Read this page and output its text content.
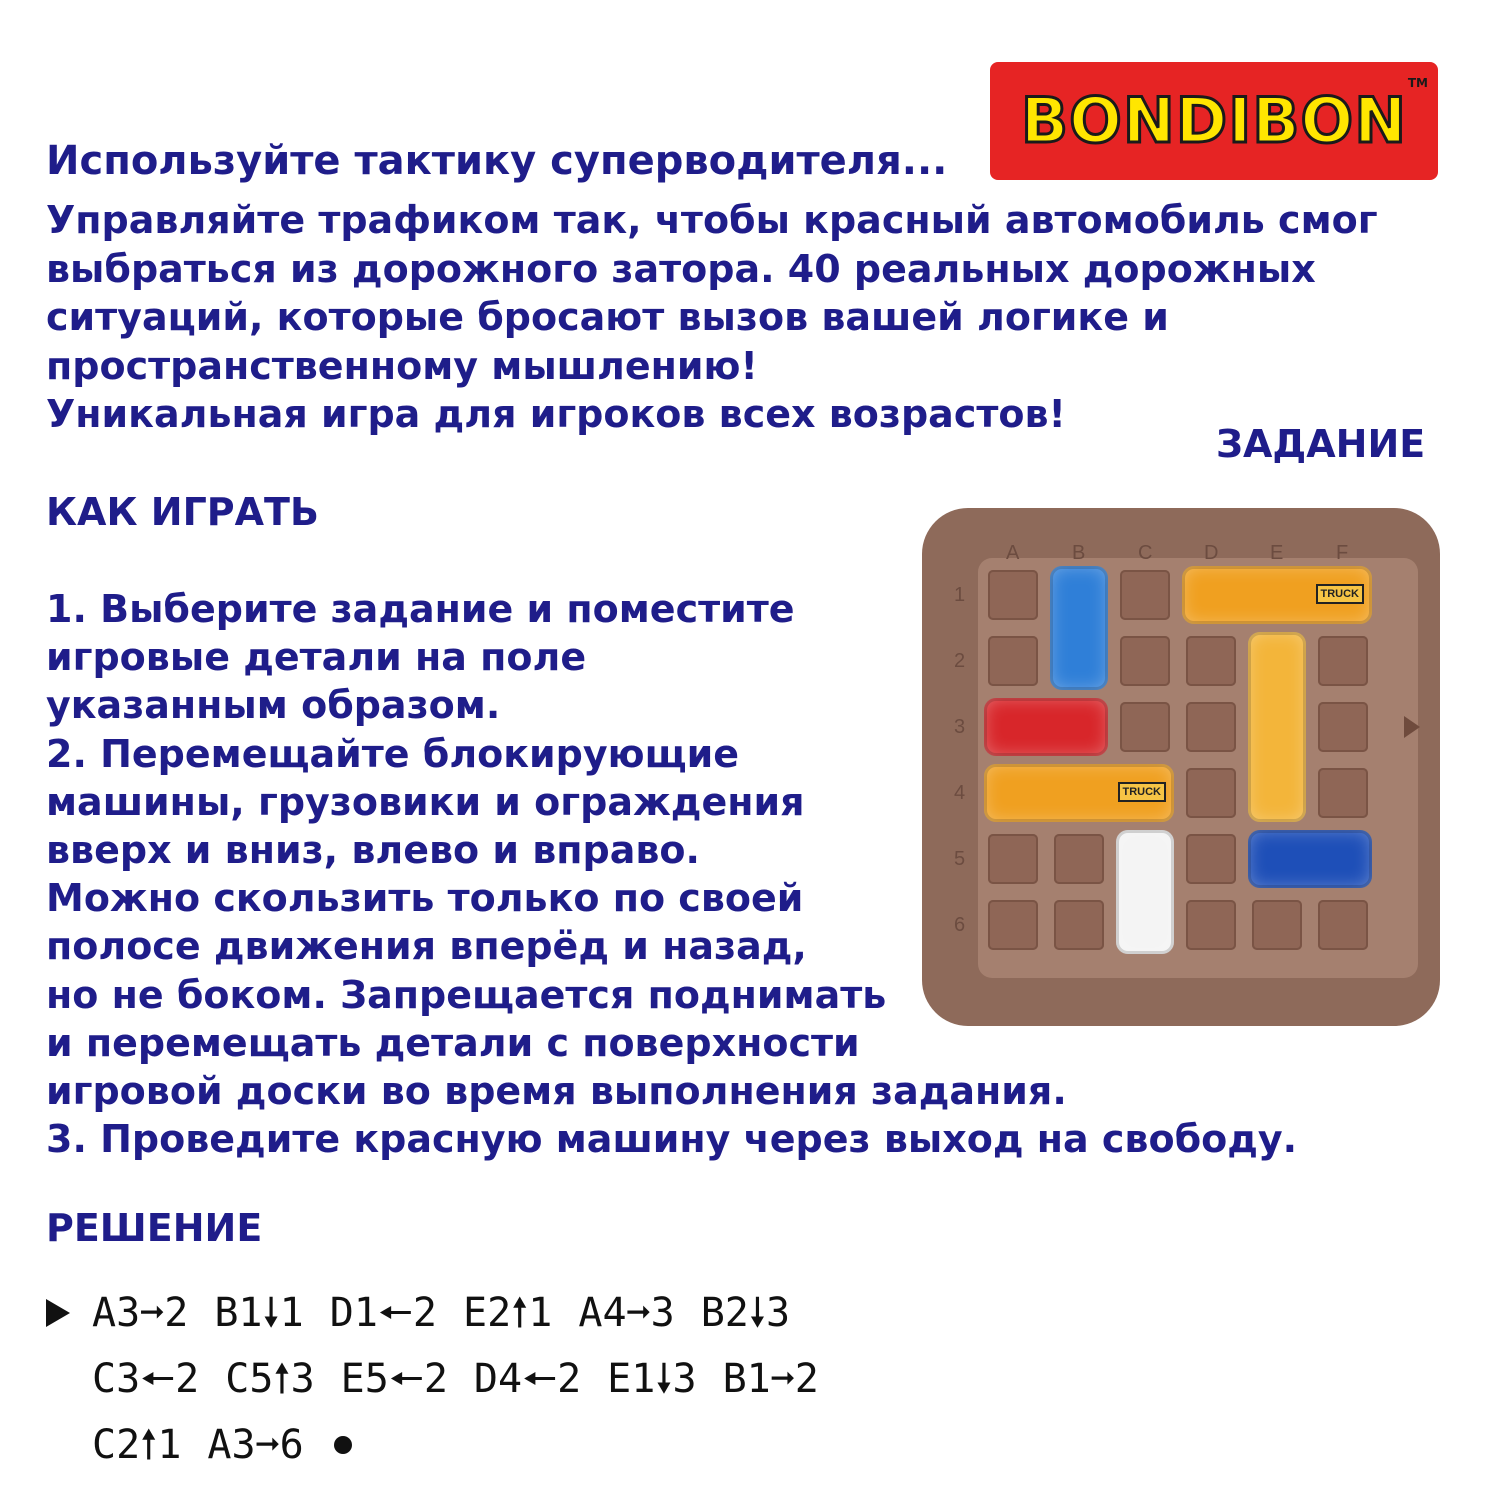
BONDIBON
TM
Используйте тактику суперводителя...
Управляйте трафиком так, чтобы красный автомобиль смог
выбраться из дорожного затора. 40 реальных дорожных
ситуаций, которые бросают вызов вашей логике и
пространственному мышлению!
Уникальная игра для игроков всех возрастов!
ЗАДАНИЕ
КАК ИГРАТЬ
1. Выберите задание и поместите
игровые детали на поле
указанным образом.
2. Перемещайте блокирующие
машины, грузовики и ограждения
вверх и вниз, влево и вправо.
Можно скользить только по своей
полосе движения вперёд и назад,
но не боком. Запрещается поднимать
и перемещать детали с поверхности
игровой доски во время выполнения задания.
3. Проведите красную машину через выход на свободу.
A	B	C	D	E	F
1
2
3
4
5
6
TRUCK
TRUCK
РЕШЕНИЕ
A3➞2 B1🠗1 D1🠔2 E2🠕1 A4➞3 B2🠗3
C3🠔2 C5🠕3 E5🠔2 D4🠔2 E1🠗3 B1➞2
C2🠕1 A3➞6
